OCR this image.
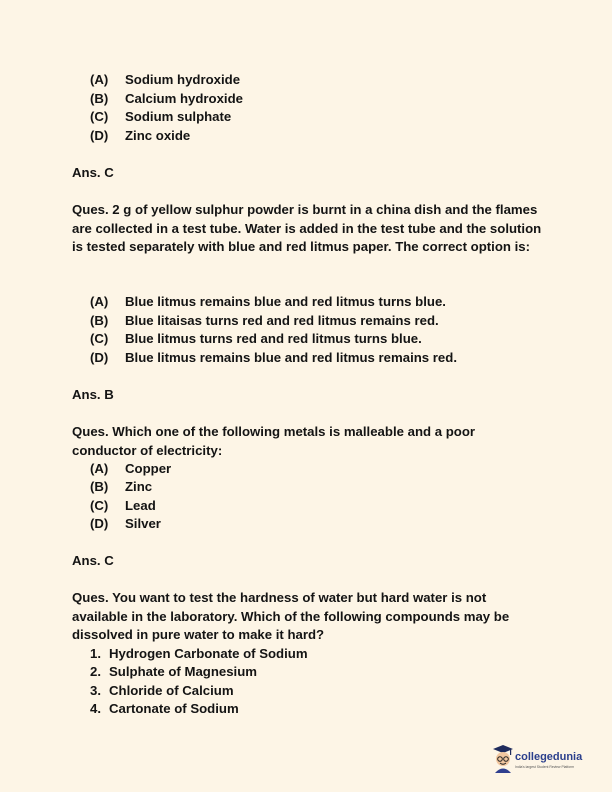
(A) Sodium hydroxide
(B) Calcium hydroxide
(C) Sodium sulphate
(D) Zinc oxide
Ans. C
Ques. 2 g of yellow sulphur powder is burnt in a china dish and the flames are collected in a test tube. Water is added in the test tube and the solution is tested separately with blue and red litmus paper. The correct option is:
(A) Blue litmus remains blue and red litmus turns blue.
(B) Blue litaisas turns red and red litmus remains red.
(C) Blue litmus turns red and red litmus turns blue.
(D) Blue litmus remains blue and red litmus remains red.
Ans. B
Ques. Which one of the following metals is malleable and a poor conductor of electricity:
(A) Copper
(B) Zinc
(C) Lead
(D) Silver
Ans. C
Ques. You want to test the hardness of water but hard water is not available in the laboratory. Which of the following compounds may be dissolved in pure water to make it hard?
1. Hydrogen Carbonate of Sodium
2. Sulphate of Magnesium
3. Chloride of Calcium
4. Cartonate of Sodium
collegedunia
India's largest Student Review Platform
